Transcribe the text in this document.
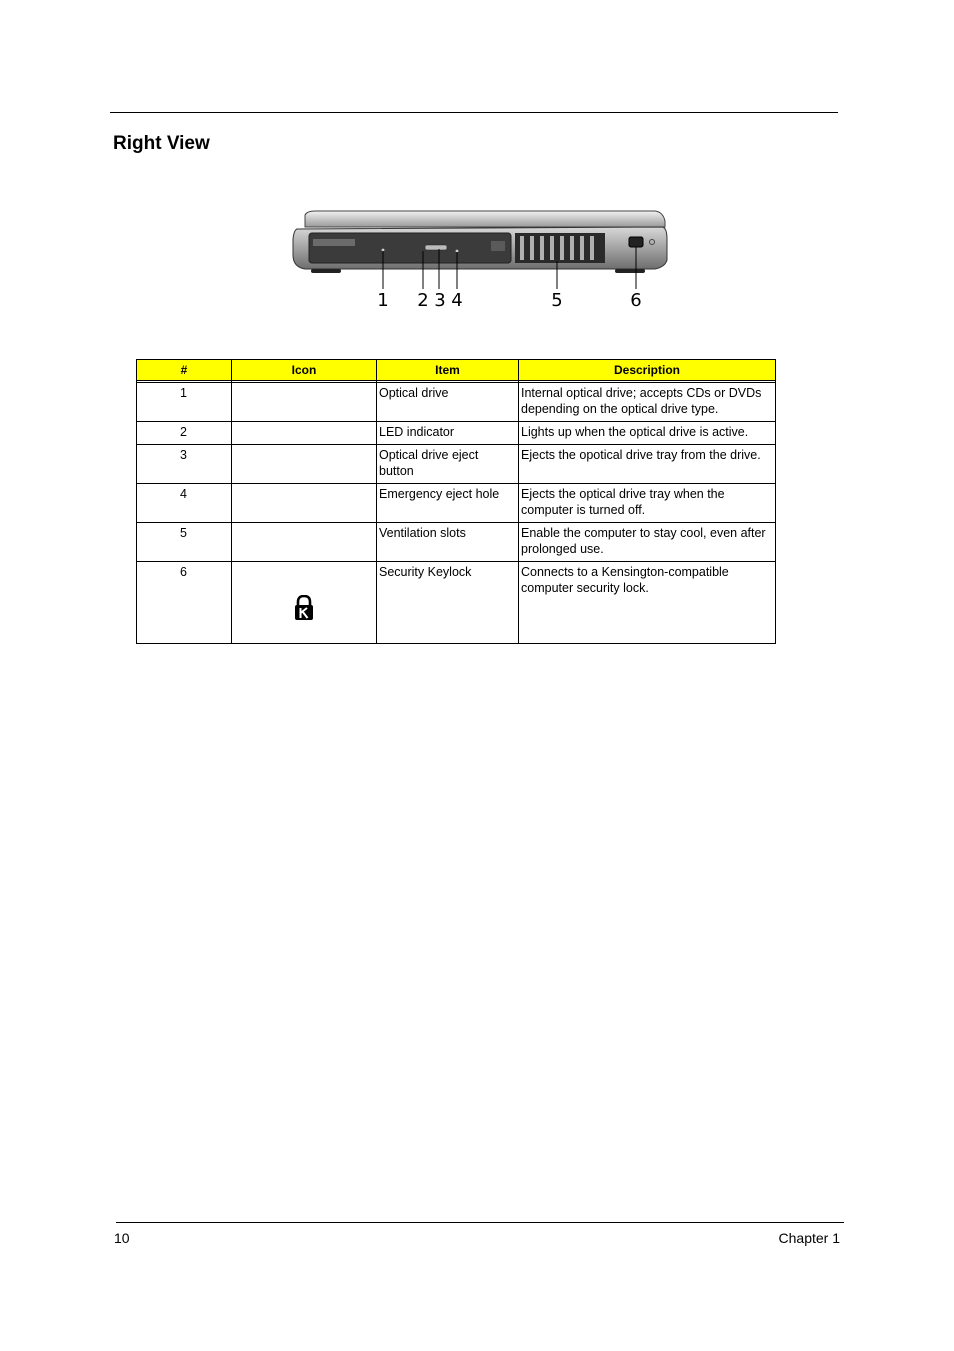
Right View
1 2 3 4	5	6
#	Icon	Item	Description

1		Optical drive	Internal optical drive; accepts CDs or DVDs depending on the optical drive type.
2		LED indicator	Lights up when the optical drive is active.
3		Optical drive eject button	Ejects the opotical drive tray from the drive.
4		Emergency eject hole	Ejects the optical drive tray when the computer is turned off.
5		Ventilation slots	Enable the computer to stay cool, even after prolonged use.
6		Security Keylock	Connects to a Kensington-compatible computer security lock.
10	Chapter 1
